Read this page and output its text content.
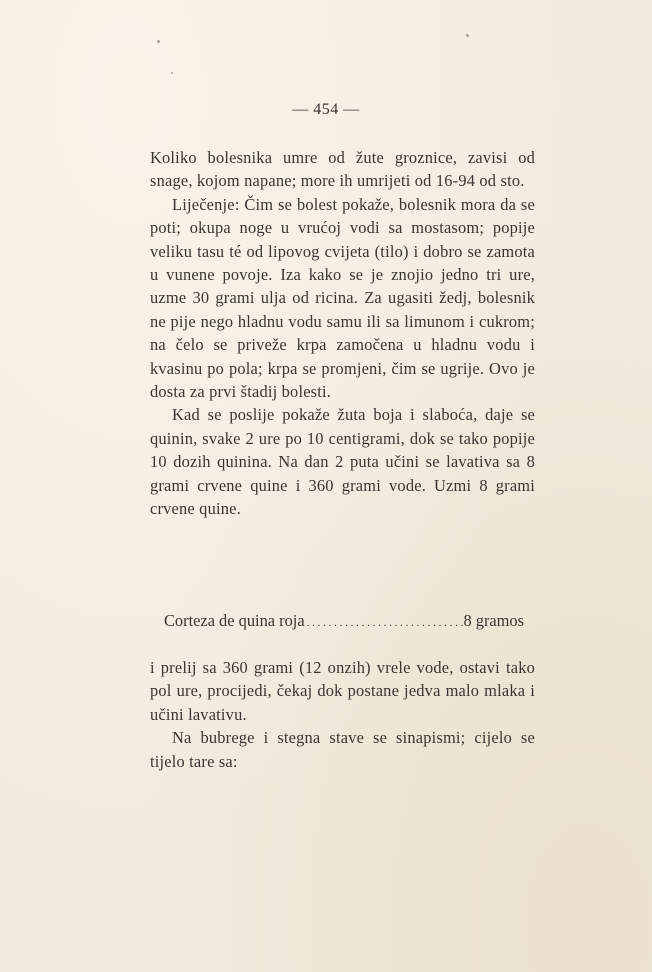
— 454 —

Koliko bolesnika umre od žute groznice, zavisi od snage, kojom napane; more ih umrijeti od 16-94 od sto.

Liječenje: Čim se bolest pokaže, bolesnik mora da se poti; okupa noge u vrućoj vodi sa mostasom; popije veliku tasu té od lipovog cvijeta (tilo) i dobro se zamota u vunene povoje. Iza kako se je znojio jedno tri ure, uzme 30 grami ulja od ricina. Za ugasiti žedj, bolesnik ne pije nego hladnu vodu samu ili sa limunom i cukrom; na čelo se priveže krpa zamočena u hladnu vodu i kvasinu po pola; krpa se promjeni, čim se ugrije. Ovo je dosta za prvi štadij bolesti.

Kad se poslije pokaže žuta boja i slaboća, daje se quinin, svake 2 ure po 10 centigrami, dok se tako popije 10 dozih quinina. Na dan 2 puta učini se lavativa sa 8 grami crvene quine i 360 grami vode. Uzmi 8 grami crvene quine.

Corteza de quina roja
. . .	8 gramos

i prelij sa 360 grami (12 onzih) vrele vode, ostavi tako pol ure, procijedi, čekaj dok postane jedva malo mlaka i učini lavativu.

Na bubrege i stegna stave se sinapismi; cijelo se tijelo tare sa:
